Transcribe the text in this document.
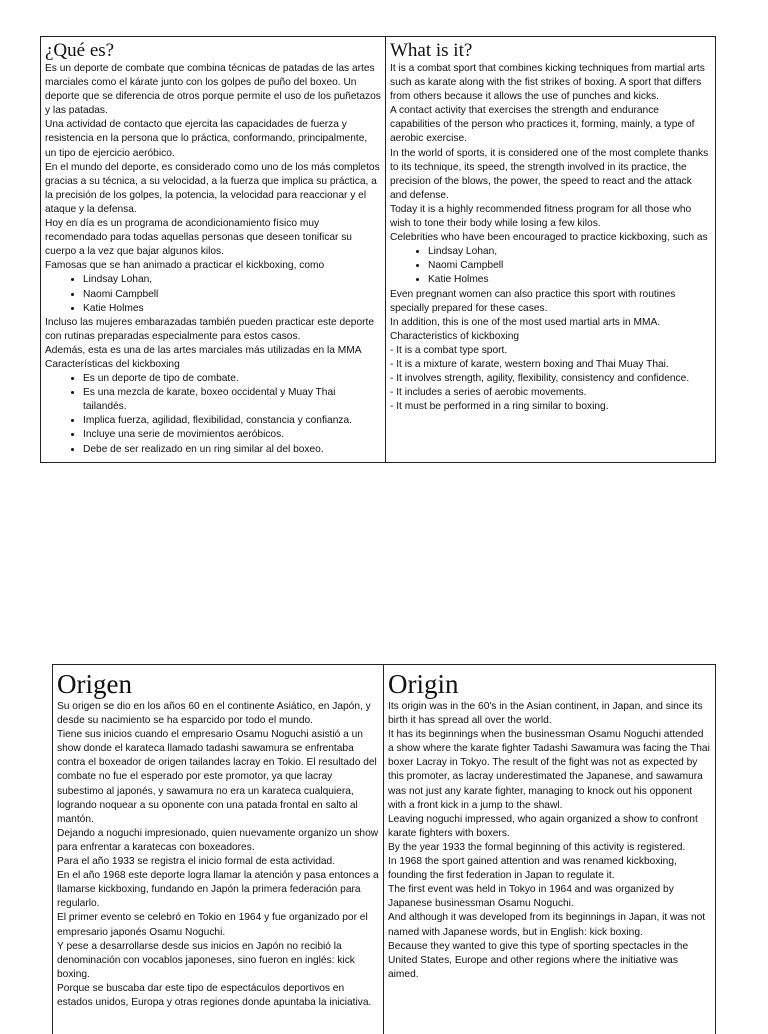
¿Qué es?

Es un deporte de combate que combina técnicas de patadas de las artes marciales como el kárate junto con los golpes de puño del boxeo. Un deporte que se diferencia de otros porque permite el uso de los puñetazos y las patadas.

Una actividad de contacto que ejercita las capacidades de fuerza y resistencia en la persona que lo práctica, conformando, principalmente, un tipo de ejercicio aeróbico.

En el mundo del deporte, es considerado como uno de los más completos gracias a su técnica, a su velocidad, a la fuerza que implica su práctica, a la precisión de los golpes, la potencia, la velocidad para reaccionar y el ataque y la defensa.

Hoy en día es un programa de acondicionamiento físico muy recomendado para todas aquellas personas que deseen tonificar su cuerpo a la vez que bajar algunos kilos.

Famosas que se han animado a practicar el kickboxing, como

• Lindsay Lohan,
• Naomi Campbell
• Katie Holmes

Incluso las mujeres embarazadas también pueden practicar este deporte con rutinas preparadas especialmente para estos casos.

Además, esta es una de las artes marciales más utilizadas en la MMA

Características del kickboxing

• Es un deporte de tipo de combate.
• Es una mezcla de karate, boxeo occidental y Muay Thai tailandés.
• Implica fuerza, agilidad, flexibilidad, constancia y confianza.
• Incluye una serie de movimientos aeróbicos.
• Debe de ser realizado en un ring similar al del boxeo.
What is it?

It is a combat sport that combines kicking techniques from martial arts such as karate along with the fist strikes of boxing. A sport that differs from others because it allows the use of punches and kicks.

A contact activity that exercises the strength and endurance capabilities of the person who practices it, forming, mainly, a type of aerobic exercise.

In the world of sports, it is considered one of the most complete thanks to its technique, its speed, the strength involved in its practice, the precision of the blows, the power, the speed to react and the attack and defense.

Today it is a highly recommended fitness program for all those who wish to tone their body while losing a few kilos.

Celebrities who have been encouraged to practice kickboxing, such as

• Lindsay Lohan,
• Naomi Campbell
• Katie Holmes

Even pregnant women can also practice this sport with routines specially prepared for these cases.

In addition, this is one of the most used martial arts in MMA.

Characteristics of kickboxing

- It is a combat type sport.

- It is a mixture of karate, western boxing and Thai Muay Thai.

- It involves strength, agility, flexibility, consistency and confidence.

- It includes a series of aerobic movements.

- It must be performed in a ring similar to boxing.

Origen

Su origen se dio en los años 60 en el continente Asiático, en Japón, y desde su nacimiento se ha esparcido por todo el mundo.

Tiene sus inicios cuando el empresario Osamu Noguchi asistió a un show donde el karateca llamado tadashi sawamura se enfrentaba contra el boxeador de origen tailandes lacray en Tokio. El resultado del combate no fue el esperado por este promotor, ya que lacray subestimo al japonés, y sawamura no era un karateca cualquiera, logrando noquear a su oponente con una patada frontal en salto al mantón.

Dejando a noguchi impresionado, quien nuevamente organizo un show para enfrentar a karatecas con boxeadores.

Para el año 1933 se registra el inicio formal de esta actividad.

En el año 1968 este deporte logra llamar la atención y pasa entonces a llamarse kickboxing, fundando en Japón la primera federación para regularlo.

El primer evento se celebró en Tokio en 1964 y fue organizado por el empresario japonés Osamu Noguchi.

Y pese a desarrollarse desde sus inicios en Japón no recibió la denominación con vocablos japoneses, sino fueron en inglés: kick boxing.

Porque se buscaba dar este tipo de espectáculos deportivos en estados unidos, Europa y otras regiones donde apuntaba la iniciativa.

Origin

Its origin was in the 60's in the Asian continent, in Japan, and since its birth it has spread all over the world.

It has its beginnings when the businessman Osamu Noguchi attended a show where the karate fighter Tadashi Sawamura was facing the Thai boxer Lacray in Tokyo. The result of the fight was not as expected by this promoter, as lacray underestimated the Japanese, and sawamura was not just any karate fighter, managing to knock out his opponent with a front kick in a jump to the shawl.

Leaving noguchi impressed, who again organized a show to confront karate fighters with boxers.

By the year 1933 the formal beginning of this activity is registered.

In 1968 the sport gained attention and was renamed kickboxing, founding the first federation in Japan to regulate it.

The first event was held in Tokyo in 1964 and was organized by Japanese businessman Osamu Noguchi.

And although it was developed from its beginnings in Japan, it was not named with Japanese words, but in English: kick boxing.

Because they wanted to give this type of sporting spectacles in the United States, Europe and other regions where the initiative was aimed.
